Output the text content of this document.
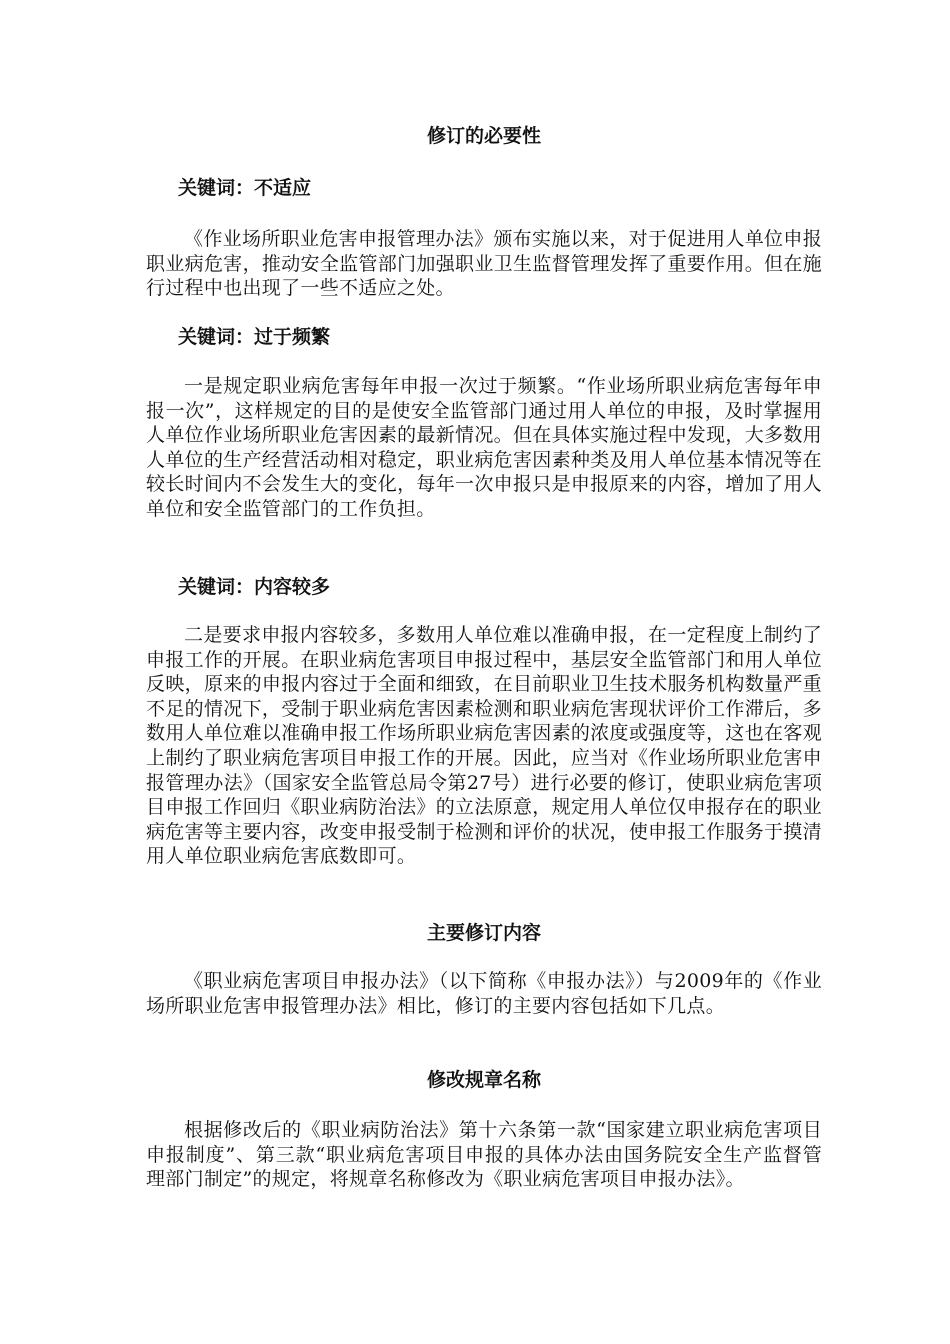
修订的必要性

关键词：不适应

《作业场所职业危害申报管理办法》颁布实施以来，对于促进用人单位申报职业病危害，推动安全监管部门加强职业卫生监督管理发挥了重要作用。但在施行过程中也出现了一些不适应之处。

关键词：过于频繁

一是规定职业病危害每年申报一次过于频繁。“作业场所职业病危害每年申报一次”，这样规定的目的是使安全监管部门通过用人单位的申报，及时掌握用人单位作业场所职业危害因素的最新情况。但在具体实施过程中发现，大多数用人单位的生产经营活动相对稳定，职业病危害因素种类及用人单位基本情况等在较长时间内不会发生大的变化，每年一次申报只是申报原来的内容，增加了用人单位和安全监管部门的工作负担。

关键词：内容较多

二是要求申报内容较多，多数用人单位难以准确申报，在一定程度上制约了申报工作的开展。在职业病危害项目申报过程中，基层安全监管部门和用人单位反映，原来的申报内容过于全面和细致，在目前职业卫生技术服务机构数量严重不足的情况下，受制于职业病危害因素检测和职业病危害现状评价工作滞后，多数用人单位难以准确申报工作场所职业病危害因素的浓度或强度等，这也在客观上制约了职业病危害项目申报工作的开展。因此，应当对《作业场所职业危害申报管理办法》（国家安全监管总局令第27号）进行必要的修订，使职业病危害项目申报工作回归《职业病防治法》的立法原意，规定用人单位仅申报存在的职业病危害等主要内容，改变申报受制于检测和评价的状况，使申报工作服务于摸清用人单位职业病危害底数即可。

主要修订内容

《职业病危害项目申报办法》（以下简称《申报办法》）与2009年的《作业场所职业危害申报管理办法》相比，修订的主要内容包括如下几点。

修改规章名称

根据修改后的《职业病防治法》第十六条第一款“国家建立职业病危害项目申报制度”、第三款“职业病危害项目申报的具体办法由国务院安全生产监督管理部门制定”的规定，将规章名称修改为《职业病危害项目申报办法》。
